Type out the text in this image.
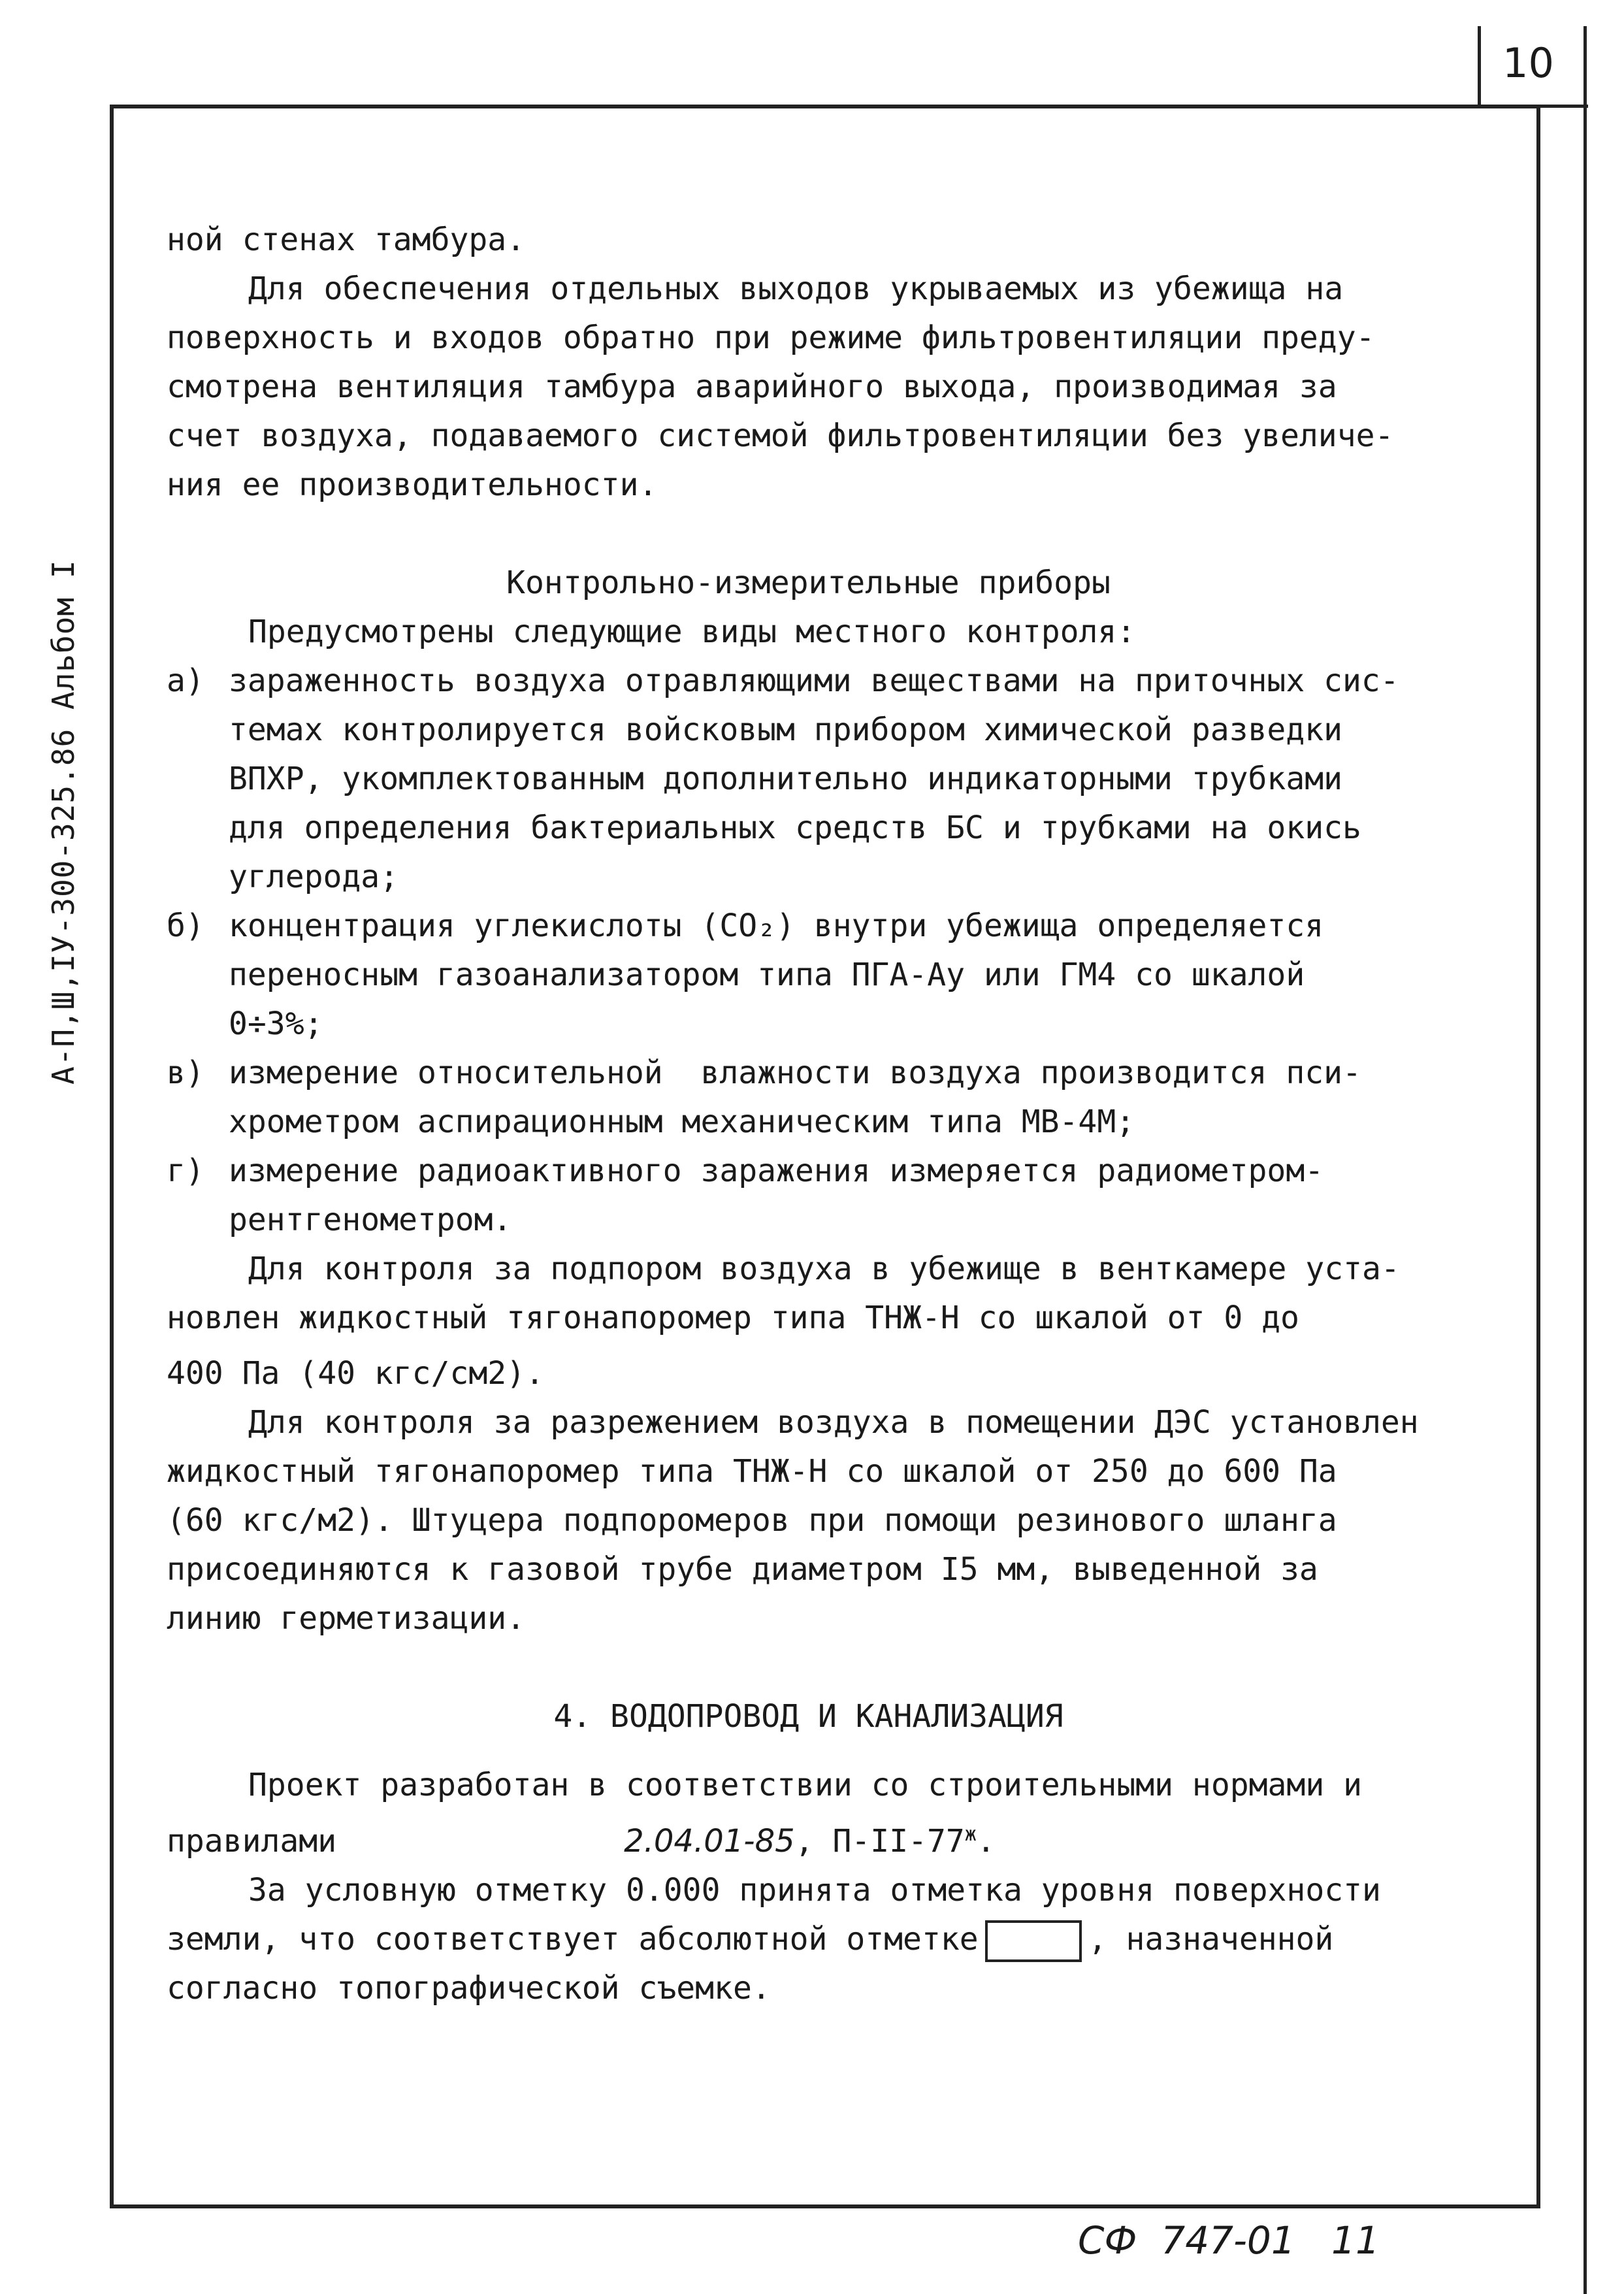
10
А-П,Ш,ІУ-300-325.86 Альбом І
ной стенах тамбура.
Для обеспечения отдельных выходов укрываемых из убежища на
поверхность и входов обратно при режиме фильтровентиляции преду-
смотрена вентиляция тамбура аварийного выхода, производимая за
счет воздуха, подаваемого системой фильтровентиляции без увеличе-
ния ее производительности.
Контрольно-измерительные приборы
Предусмотрены следующие виды местного контроля:
а) зараженность воздуха отравляющими веществами на приточных сис-
темах контролируется войсковым прибором химической разведки
ВПХР, укомплектованным дополнительно индикаторными трубками
для определения бактериальных средств БС и трубками на окись
углерода;
б) концентрация углекислоты (СО₂) внутри убежища определяется
переносным газоанализатором типа ПГА-Ау или ГМ4 со шкалой
0÷3%;
в) измерение относительной  влажности воздуха производится пси-
хрометром аспирационным механическим типа МВ-4М;
г) измерение радиоактивного заражения измеряется радиометром-
рентгенометром.
Для контроля за подпором воздуха в убежище в венткамере уста-
новлен жидкостный тягонапоромер типа ТНЖ-Н со шкалой от 0 до
400 Па (40 кгс/см2).
Для контроля за разрежением воздуха в помещении ДЭС установлен
жидкостный тягонапоромер типа ТНЖ-Н со шкалой от 250 до 600 Па
(60 кгс/м2). Штуцера подпоромеров при помощи резинового шланга
присоединяются к газовой трубе диаметром І5 мм, выведенной за
линию герметизации.
4. ВОДОПРОВОД И КАНАЛИЗАЦИЯ
Проект разработан в соответствии со строительными нормами и
правилами	2.04.01-85, $П-ІІ-77^ж$.
За условную отметку 0.000 принята отметка уровня поверхности
земли, что соответствует абсолютной отметке	, назначенной
согласно топографической съемке.
СФ  747-01   11
